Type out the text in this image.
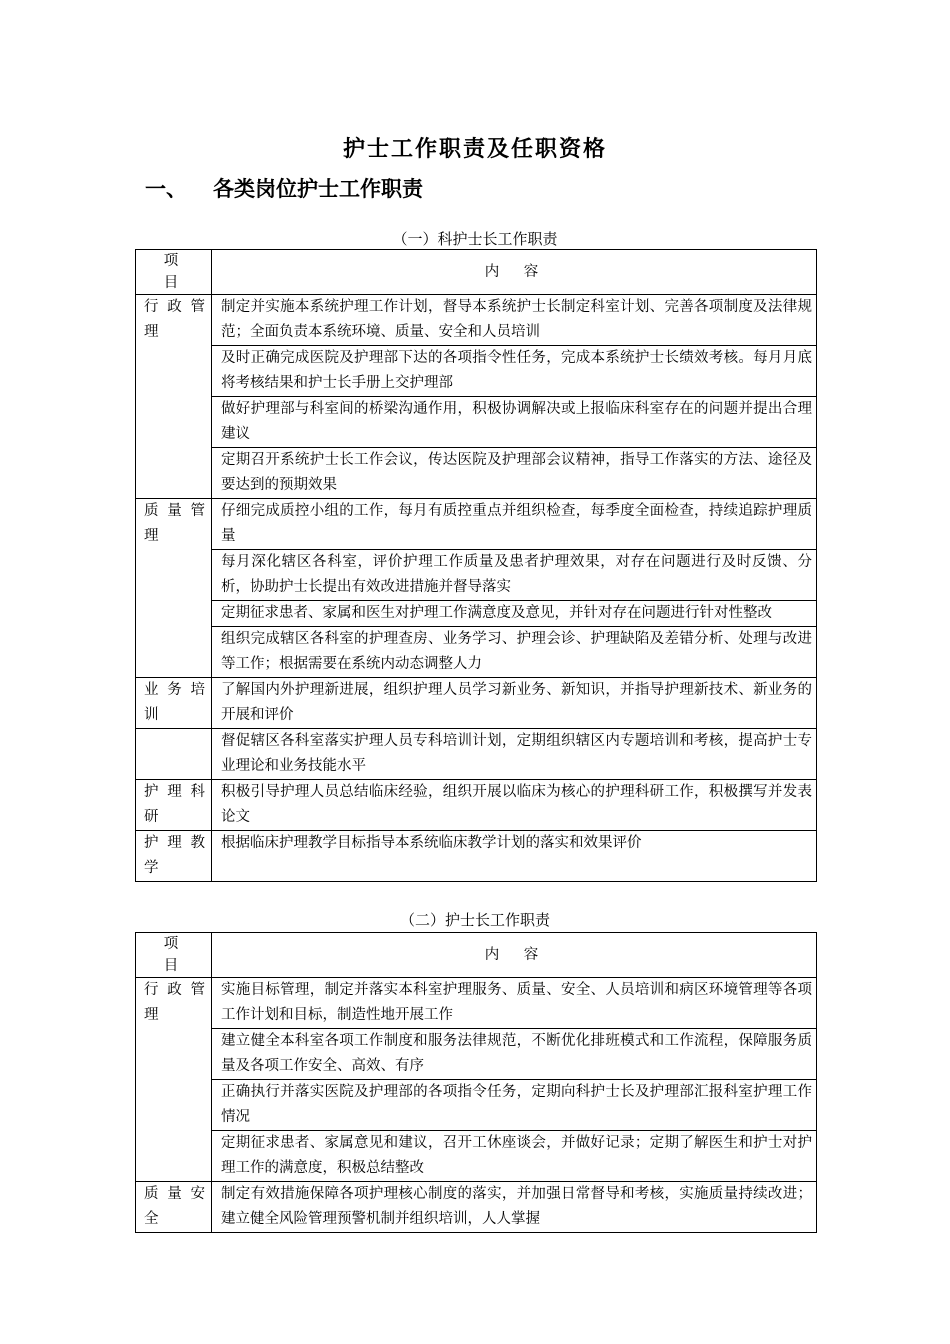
护士工作职责及任职资格
一、 各类岗位护士工作职责
（一）科护士长工作职责
项 目	内 容
行政管理	制定并实施本系统护理工作计划，督导本系统护士长制定科室计划、完善各项制度及法律规范；全面负责本系统环境、质量、安全和人员培训
	及时正确完成医院及护理部下达的各项指令性任务，完成本系统护士长绩效考核。每月月底将考核结果和护士长手册上交护理部
	做好护理部与科室间的桥梁沟通作用，积极协调解决或上报临床科室存在的问题并提出合理建议
	定期召开系统护士长工作会议，传达医院及护理部会议精神，指导工作落实的方法、途径及要达到的预期效果
质量管理	仔细完成质控小组的工作，每月有质控重点并组织检查，每季度全面检查，持续追踪护理质量
	每月深化辖区各科室，评价护理工作质量及患者护理效果，对存在问题进行及时反馈、分析，协助护士长提出有效改进措施并督导落实
	定期征求患者、家属和医生对护理工作满意度及意见，并针对存在问题进行针对性整改
	组织完成辖区各科室的护理查房、业务学习、护理会诊、护理缺陷及差错分析、处理与改进等工作；根据需要在系统内动态调整人力
业务培训	了解国内外护理新进展，组织护理人员学习新业务、新知识，并指导护理新技术、新业务的开展和评价
	督促辖区各科室落实护理人员专科培训计划，定期组织辖区内专题培训和考核，提高护士专业理论和业务技能水平
护理科研	积极引导护理人员总结临床经验，组织开展以临床为核心的护理科研工作，积极撰写并发表论文
护理教学	根据临床护理教学目标指导本系统临床教学计划的落实和效果评价
（二）护士长工作职责
项 目	内 容
行政管理	实施目标管理，制定并落实本科室护理服务、质量、安全、人员培训和病区环境管理等各项工作计划和目标，制造性地开展工作
	建立健全本科室各项工作制度和服务法律规范，不断优化排班模式和工作流程，保障服务质量及各项工作安全、高效、有序
	正确执行并落实医院及护理部的各项指令任务，定期向科护士长及护理部汇报科室护理工作情况
	定期征求患者、家属意见和建议，召开工休座谈会，并做好记录；定期了解医生和护士对护理工作的满意度，积极总结整改
质量安全	制定有效措施保障各项护理核心制度的落实，并加强日常督导和考核，实施质量持续改进；建立健全风险管理预警机制并组织培训，人人掌握
